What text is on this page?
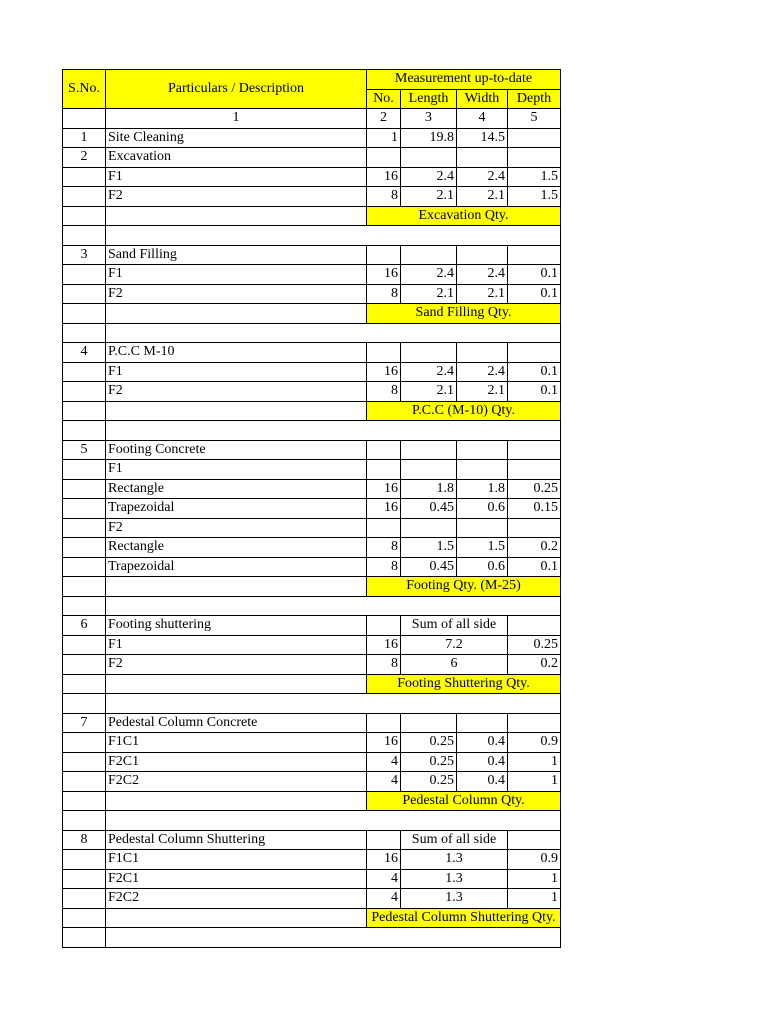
S.No.	Particulars / Description	Measurement up-to-date			
		No.	Length	Width	Depth
	1	2	3	4	5
1	Site Cleaning	1	19.8	14.5	
2	Excavation				
	F1	16	2.4	2.4	1.5
	F2	8	2.1	2.1	1.5
		Excavation Qty.			

3	Sand Filling				
	F1	16	2.4	2.4	0.1
	F2	8	2.1	2.1	0.1
		Sand Filling Qty.			

4	P.C.C M-10				
	F1	16	2.4	2.4	0.1
	F2	8	2.1	2.1	0.1
		P.C.C (M-10) Qty.			

5	Footing Concrete				
	F1				
	Rectangle	16	1.8	1.8	0.25
	Trapezoidal	16	0.45	0.6	0.15
	F2				
	Rectangle	8	1.5	1.5	0.2
	Trapezoidal	8	0.45	0.6	0.1
		Footing Qty. (M-25)			

6	Footing shuttering		Sum of all side		
	F1	16	7.2		0.25
	F2	8	6		0.2
		Footing Shuttering Qty.			

7	Pedestal Column Concrete				
	F1C1	16	0.25	0.4	0.9
	F2C1	4	0.25	0.4	1
	F2C2	4	0.25	0.4	1
		Pedestal Column Qty.			

8	Pedestal Column Shuttering		Sum of all side		
	F1C1	16	1.3		0.9
	F2C1	4	1.3		1
	F2C2	4	1.3		1
		Pedestal Column Shuttering Qty.			
